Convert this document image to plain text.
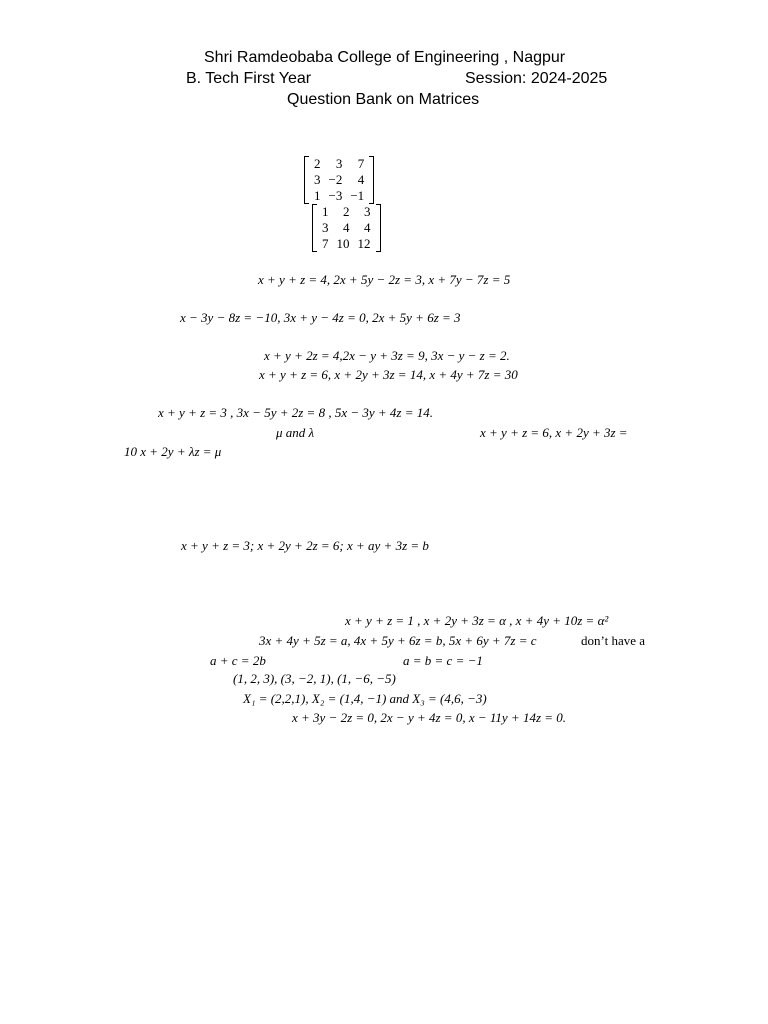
Shri Ramdeobaba College of Engineering , Nagpur
B. Tech First Year	Session: 2024-2025
Question Bank on Matrices
2	3	7
3	−2	4
1	−3	−1
1	2	3
3	4	4
7	10	12
x + y + z = 4, 2x + 5y − 2z = 3, x + 7y − 7z = 5
x − 3y − 8z = −10, 3x + y − 4z = 0, 2x + 5y + 6z = 3
x + y + 2z = 4,2x − y + 3z = 9, 3x − y − z = 2.
x + y + z = 6, x + 2y + 3z = 14, x + 4y + 7z = 30
x + y + z = 3 , 3x − 5y + 2z = 8 , 5x − 3y + 4z = 14.
μ and λ	x + y + z = 6, x + 2y + 3z =
10 x + 2y + λz = μ
x + y + z = 3; x + 2y + 2z = 6; x + ay + 3z = b
x + y + z = 1 , x + 2y + 3z = α , x + 4y + 10z = α²
3x + 4y + 5z = a, 4x + 5y + 6z = b, 5x + 6y + 7z = c	don’t have a
a + c = 2b	a = b = c = −1
(1, 2, 3), (3, −2, 1), (1, −6, −5)
X₁ = (2,2,1), X₂ = (1,4, −1) and X₃ = (4,6, −3)
x + 3y − 2z = 0, 2x − y + 4z = 0, x − 11y + 14z = 0.
